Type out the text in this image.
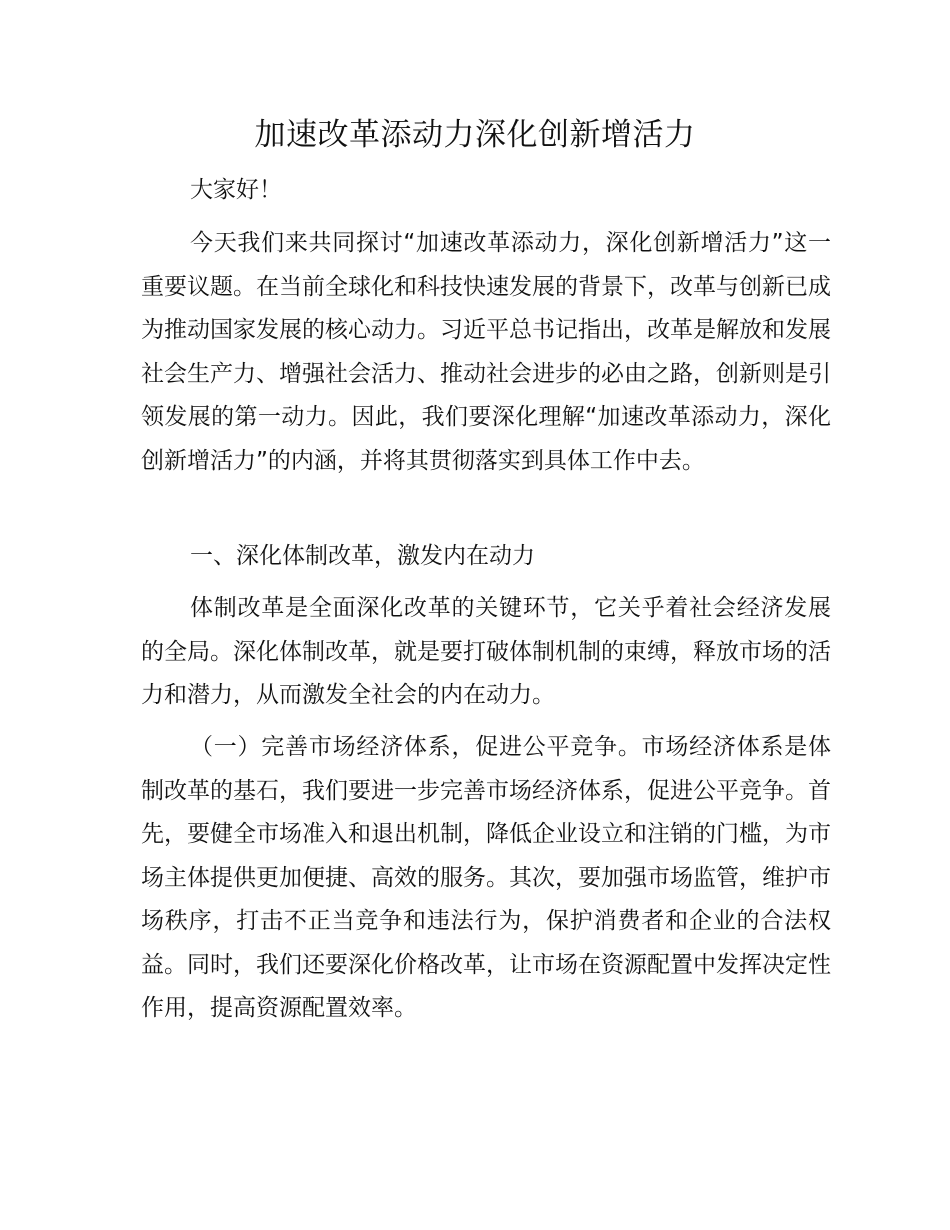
加速改革添动力深化创新增活力

大家好！

今天我们来共同探讨“加速改革添动力，深化创新增活力”这一重要议题。在当前全球化和科技快速发展的背景下，改革与创新已成为推动国家发展的核心动力。习近平总书记指出，改革是解放和发展社会生产力、增强社会活力、推动社会进步的必由之路，创新则是引领发展的第一动力。因此，我们要深化理解“加速改革添动力，深化创新增活力”的内涵，并将其贯彻落实到具体工作中去。

一、深化体制改革，激发内在动力

体制改革是全面深化改革的关键环节，它关乎着社会经济发展的全局。深化体制改革，就是要打破体制机制的束缚，释放市场的活力和潜力，从而激发全社会的内在动力。

（一）完善市场经济体系，促进公平竞争。市场经济体系是体制改革的基石，我们要进一步完善市场经济体系，促进公平竞争。首先，要健全市场准入和退出机制，降低企业设立和注销的门槛，为市场主体提供更加便捷、高效的服务。其次，要加强市场监管，维护市场秩序，打击不正当竞争和违法行为，保护消费者和企业的合法权益。同时，我们还要深化价格改革，让市场在资源配置中发挥决定性作用，提高资源配置效率。
